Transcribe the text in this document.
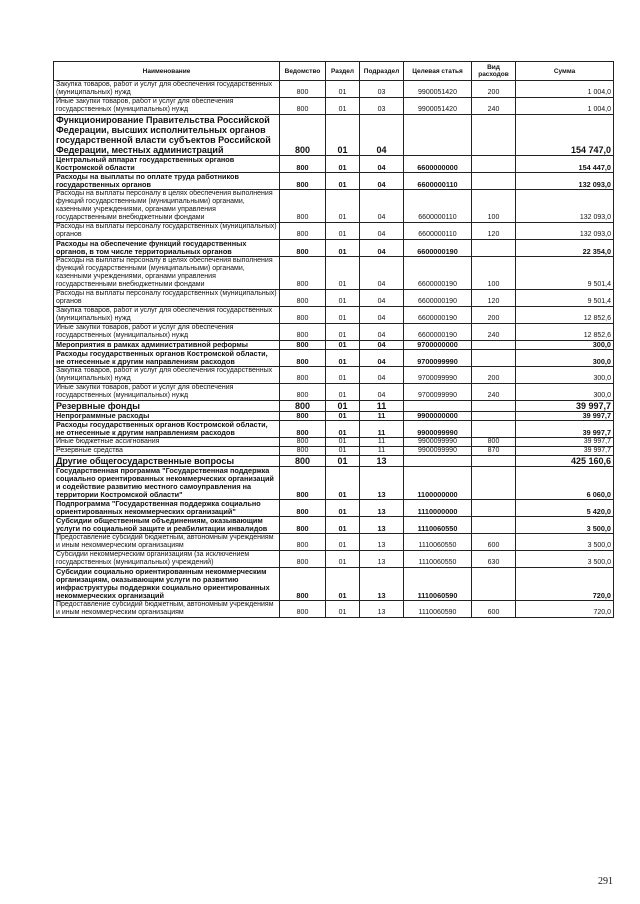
Наименование	Ведомство	Раздел	Подраздел	Целевая статья	Вид расходов	Сумма
Закупка товаров, работ и услуг для обеспечения государственных (муниципальных) нужд	800	01	03	9900051420	200	1 004,0
Иные закупки товаров, работ и услуг для обеспечения государственных (муниципальных) нужд	800	01	03	9900051420	240	1 004,0
Функционирование Правительства Российской Федерации, высших исполнительных органов государственной власти субъектов Российской Федерации, местных администраций	800	01	04			154 747,0
Центральный аппарат государственных органов Костромской области	800	01	04	6600000000		154 447,0
Расходы на выплаты по оплате труда работников государственных органов	800	01	04	6600000110		132 093,0
Расходы на выплаты персоналу в целях обеспечения выполнения функций государственными (муниципальными) органами, казенными учреждениями, органами управления государственными внебюджетными фондами	800	01	04	6600000110	100	132 093,0
Расходы на выплаты персоналу государственных (муниципальных) органов	800	01	04	6600000110	120	132 093,0
Расходы на обеспечение функций государственных органов, в том числе территориальных органов	800	01	04	6600000190		22 354,0
Расходы на выплаты персоналу в целях обеспечения выполнения функций государственными (муниципальными) органами, казенными учреждениями, органами управления государственными внебюджетными фондами	800	01	04	6600000190	100	9 501,4
Расходы на выплаты персоналу государственных (муниципальных) органов	800	01	04	6600000190	120	9 501,4
Закупка товаров, работ и услуг для обеспечения государственных (муниципальных) нужд	800	01	04	6600000190	200	12 852,6
Иные закупки товаров, работ и услуг для обеспечения государственных (муниципальных) нужд	800	01	04	6600000190	240	12 852,6
Мероприятия в рамках административной реформы	800	01	04	9700000000		300,0
Расходы государственных органов Костромской области, не отнесенные к другим направлениям расходов	800	01	04	9700099990		300,0
Закупка товаров, работ и услуг для обеспечения государственных (муниципальных) нужд	800	01	04	9700099990	200	300,0
Иные закупки товаров, работ и услуг для обеспечения государственных (муниципальных) нужд	800	01	04	9700099990	240	300,0
Резервные фонды	800	01	11			39 997,7
Непрограммные расходы	800	01	11	9900000000		39 997,7
Расходы государственных органов Костромской области, не отнесенные к другим направлениям расходов	800	01	11	9900099990		39 997,7
Иные бюджетные ассигнования	800	01	11	9900099990	800	39 997,7
Резервные средства	800	01	11	9900099990	870	39 997,7
Другие общегосударственные вопросы	800	01	13			425 160,6
Государственная программа "Государственная поддержка социально ориентированных некоммерческих организаций и содействие развитию местного самоуправления на территории Костромской области"	800	01	13	1100000000		6 060,0
Подпрограмма "Государственная поддержка социально ориентированных некоммерческих организаций"	800	01	13	1110000000		5 420,0
Субсидии общественным объединениям, оказывающим услуги по социальной защите и реабилитации инвалидов	800	01	13	1110060550		3 500,0
Предоставление субсидий бюджетным, автономным учреждениям и иным некоммерческим организациям	800	01	13	1110060550	600	3 500,0
Субсидии некоммерческим организациям (за исключением государственных (муниципальных) учреждений)	800	01	13	1110060550	630	3 500,0
Субсидии социально ориентированным некоммерческим организациям, оказывающим услуги по развитию инфраструктуры поддержки социально ориентированных некоммерческих организаций	800	01	13	1110060590		720,0
Предоставление субсидий бюджетным, автономным учреждениям и иным некоммерческим организациям	800	01	13	1110060590	600	720,0
291
